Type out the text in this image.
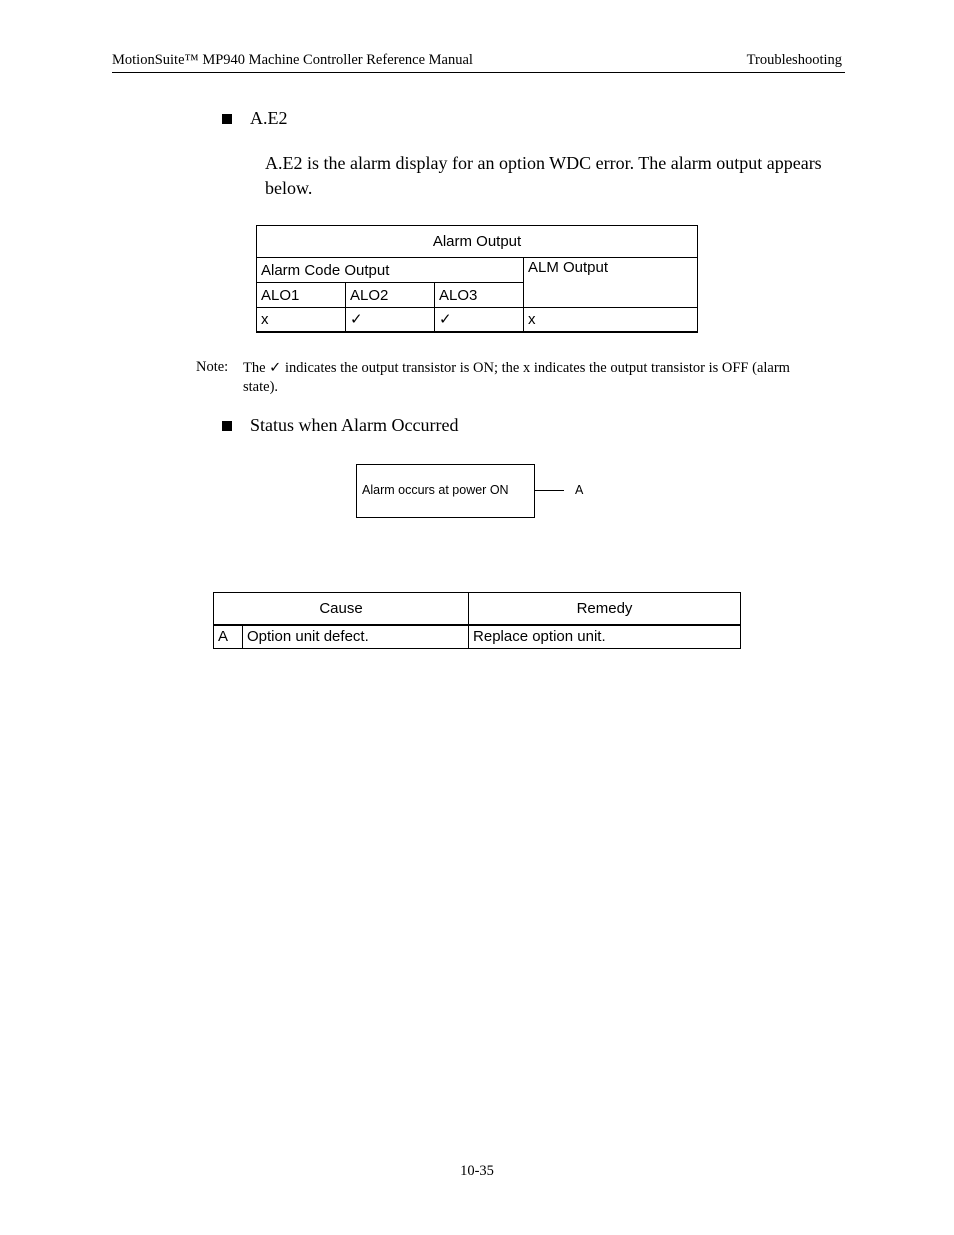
MotionSuite™ MP940 Machine Controller Reference Manual	Troubleshooting
A.E2
A.E2 is the alarm display for an option WDC error. The alarm output appears below.
Alarm Output			
Alarm Code Output			ALM Output
ALO1	ALO2	ALO3	
x	✓	✓	x
Note: The ✓ indicates the output transistor is ON; the x indicates the output transistor is OFF (alarm state).
Status when Alarm Occurred
Alarm occurs at power ON	A
Cause		Remedy
A	Option unit defect.	Replace option unit.
10-35
